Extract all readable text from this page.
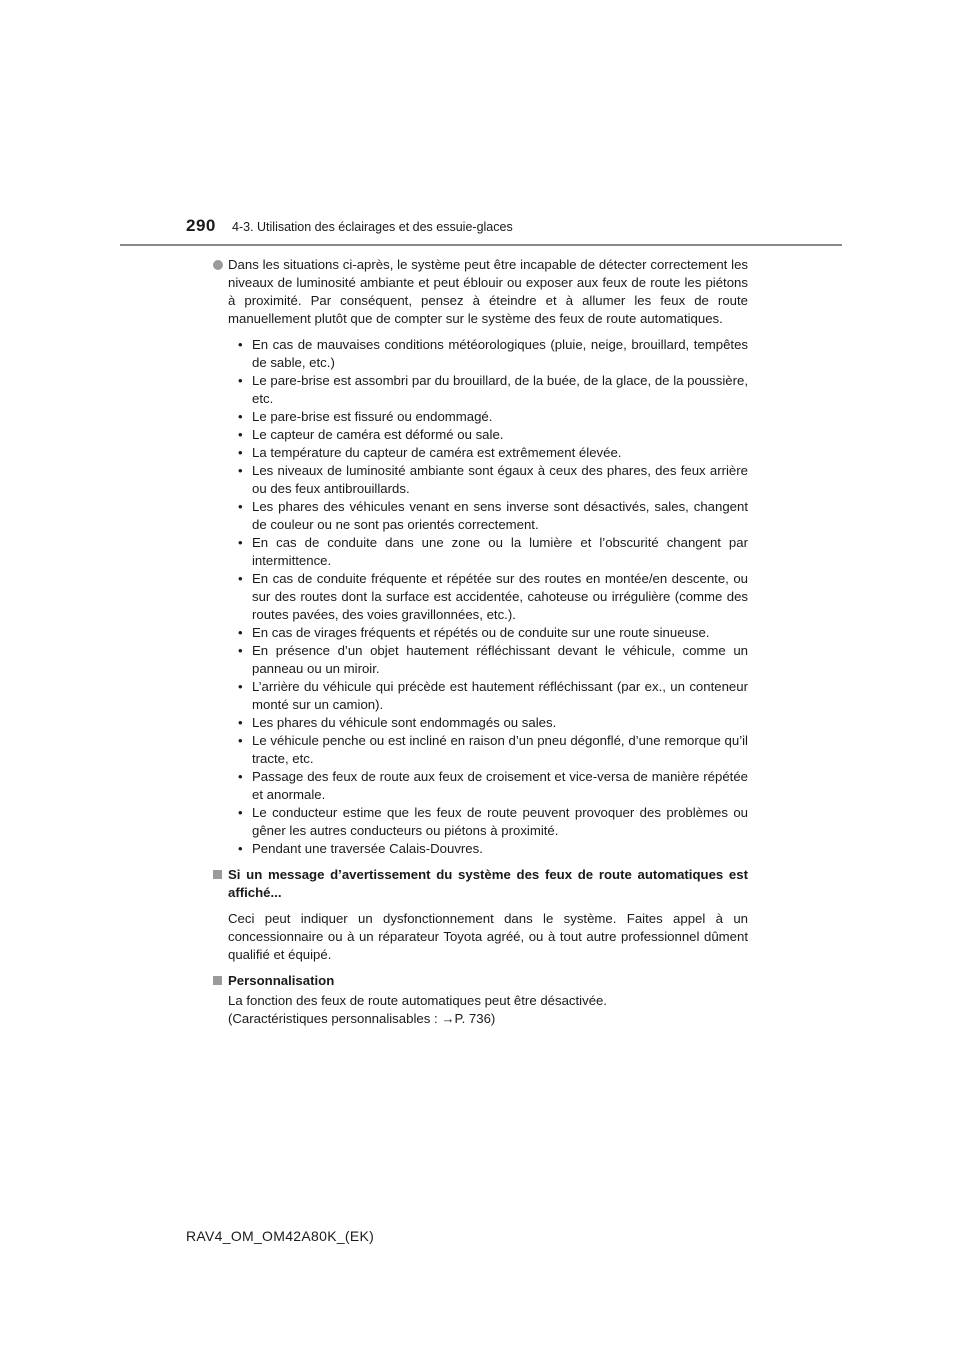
290 4-3. Utilisation des éclairages et des essuie-glaces
Dans les situations ci-après, le système peut être incapable de détecter correctement les niveaux de luminosité ambiante et peut éblouir ou exposer aux feux de route les piétons à proximité. Par conséquent, pensez à éteindre et à allumer les feux de route manuellement plutôt que de compter sur le système des feux de route automatiques.
• En cas de mauvaises conditions météorologiques (pluie, neige, brouillard, tempêtes de sable, etc.)
• Le pare-brise est assombri par du brouillard, de la buée, de la glace, de la poussière, etc.
• Le pare-brise est fissuré ou endommagé.
• Le capteur de caméra est déformé ou sale.
• La température du capteur de caméra est extrêmement élevée.
• Les niveaux de luminosité ambiante sont égaux à ceux des phares, des feux arrière ou des feux antibrouillards.
• Les phares des véhicules venant en sens inverse sont désactivés, sales, changent de couleur ou ne sont pas orientés correctement.
• En cas de conduite dans une zone ou la lumière et l’obscurité changent par intermittence.
• En cas de conduite fréquente et répétée sur des routes en montée/en descente, ou sur des routes dont la surface est accidentée, cahoteuse ou irrégulière (comme des routes pavées, des voies gravillonnées, etc.).
• En cas de virages fréquents et répétés ou de conduite sur une route sinueuse.
• En présence d’un objet hautement réfléchissant devant le véhicule, comme un panneau ou un miroir.
• L’arrière du véhicule qui précède est hautement réfléchissant (par ex., un conteneur monté sur un camion).
• Les phares du véhicule sont endommagés ou sales.
• Le véhicule penche ou est incliné en raison d’un pneu dégonflé, d’une remorque qu’il tracte, etc.
• Passage des feux de route aux feux de croisement et vice-versa de manière répétée et anormale.
• Le conducteur estime que les feux de route peuvent provoquer des problèmes ou gêner les autres conducteurs ou piétons à proximité.
• Pendant une traversée Calais-Douvres.
Si un message d’avertissement du système des feux de route automatiques est affiché...
Ceci peut indiquer un dysfonctionnement dans le système. Faites appel à un concessionnaire ou à un réparateur Toyota agréé, ou à tout autre professionnel dûment qualifié et équipé.
Personnalisation
La fonction des feux de route automatiques peut être désactivée.
(Caractéristiques personnalisables : →P. 736)
RAV4_OM_OM42A80K_(EK)
